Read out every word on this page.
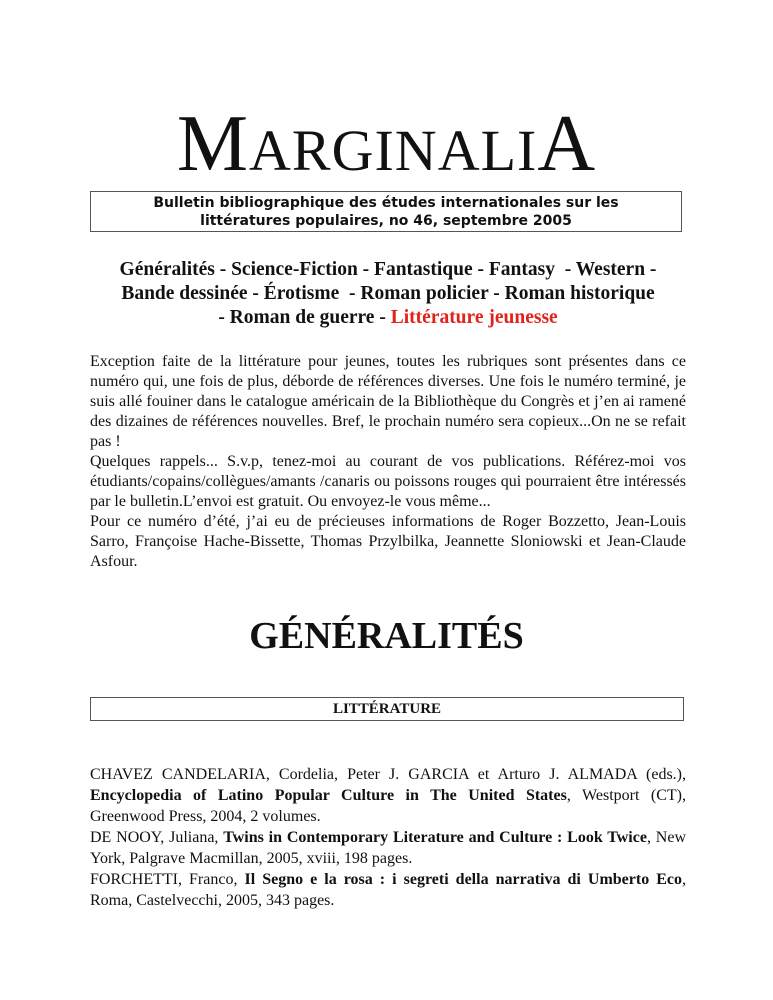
MARGINALIA
Bulletin bibliographique des études internationales sur les
littératures populaires, no 46, septembre 2005
Généralités - Science-Fiction - Fantastique - Fantasy  - Western -
Bande dessinée - Érotisme  - Roman policier - Roman historique
- Roman de guerre - Littérature jeunesse

Exception faite de la littérature pour jeunes, toutes les rubriques sont présentes dans ce numéro qui, une fois de plus, déborde de références diverses. Une fois le numéro terminé, je suis allé fouiner dans le catalogue américain de la Bibliothèque du Congrès et j’en ai ramené des dizaines de références nouvelles. Bref, le prochain numéro sera copieux...On ne se refait pas !

Quelques rappels... S.v.p, tenez-moi au courant de vos publications. Référez-moi vos étudiants/copains/collègues/amants /canaris ou poissons rouges qui pourraient être intéressés par le bulletin.L’envoi est gratuit. Ou envoyez-le vous même...

Pour ce numéro d’été, j’ai eu de précieuses informations de Roger Bozzetto, Jean-Louis Sarro, Françoise Hache-Bissette, Thomas Przylbilka, Jeannette Sloniowski et Jean-Claude Asfour.

GÉNÉRALITÉS
LITTÉRATURE

CHAVEZ CANDELARIA, Cordelia, Peter J. GARCIA et Arturo J. ALMADA (eds.), Encyclopedia of Latino Popular Culture in The United States, Westport (CT), Greenwood Press, 2004, 2 volumes.

DE NOOY, Juliana, Twins in Contemporary Literature and Culture : Look Twice, New York, Palgrave Macmillan, 2005, xviii, 198 pages.

FORCHETTI, Franco, Il Segno e la rosa : i segreti della narrativa di Umberto Eco, Roma, Castelvecchi, 2005, 343 pages.
